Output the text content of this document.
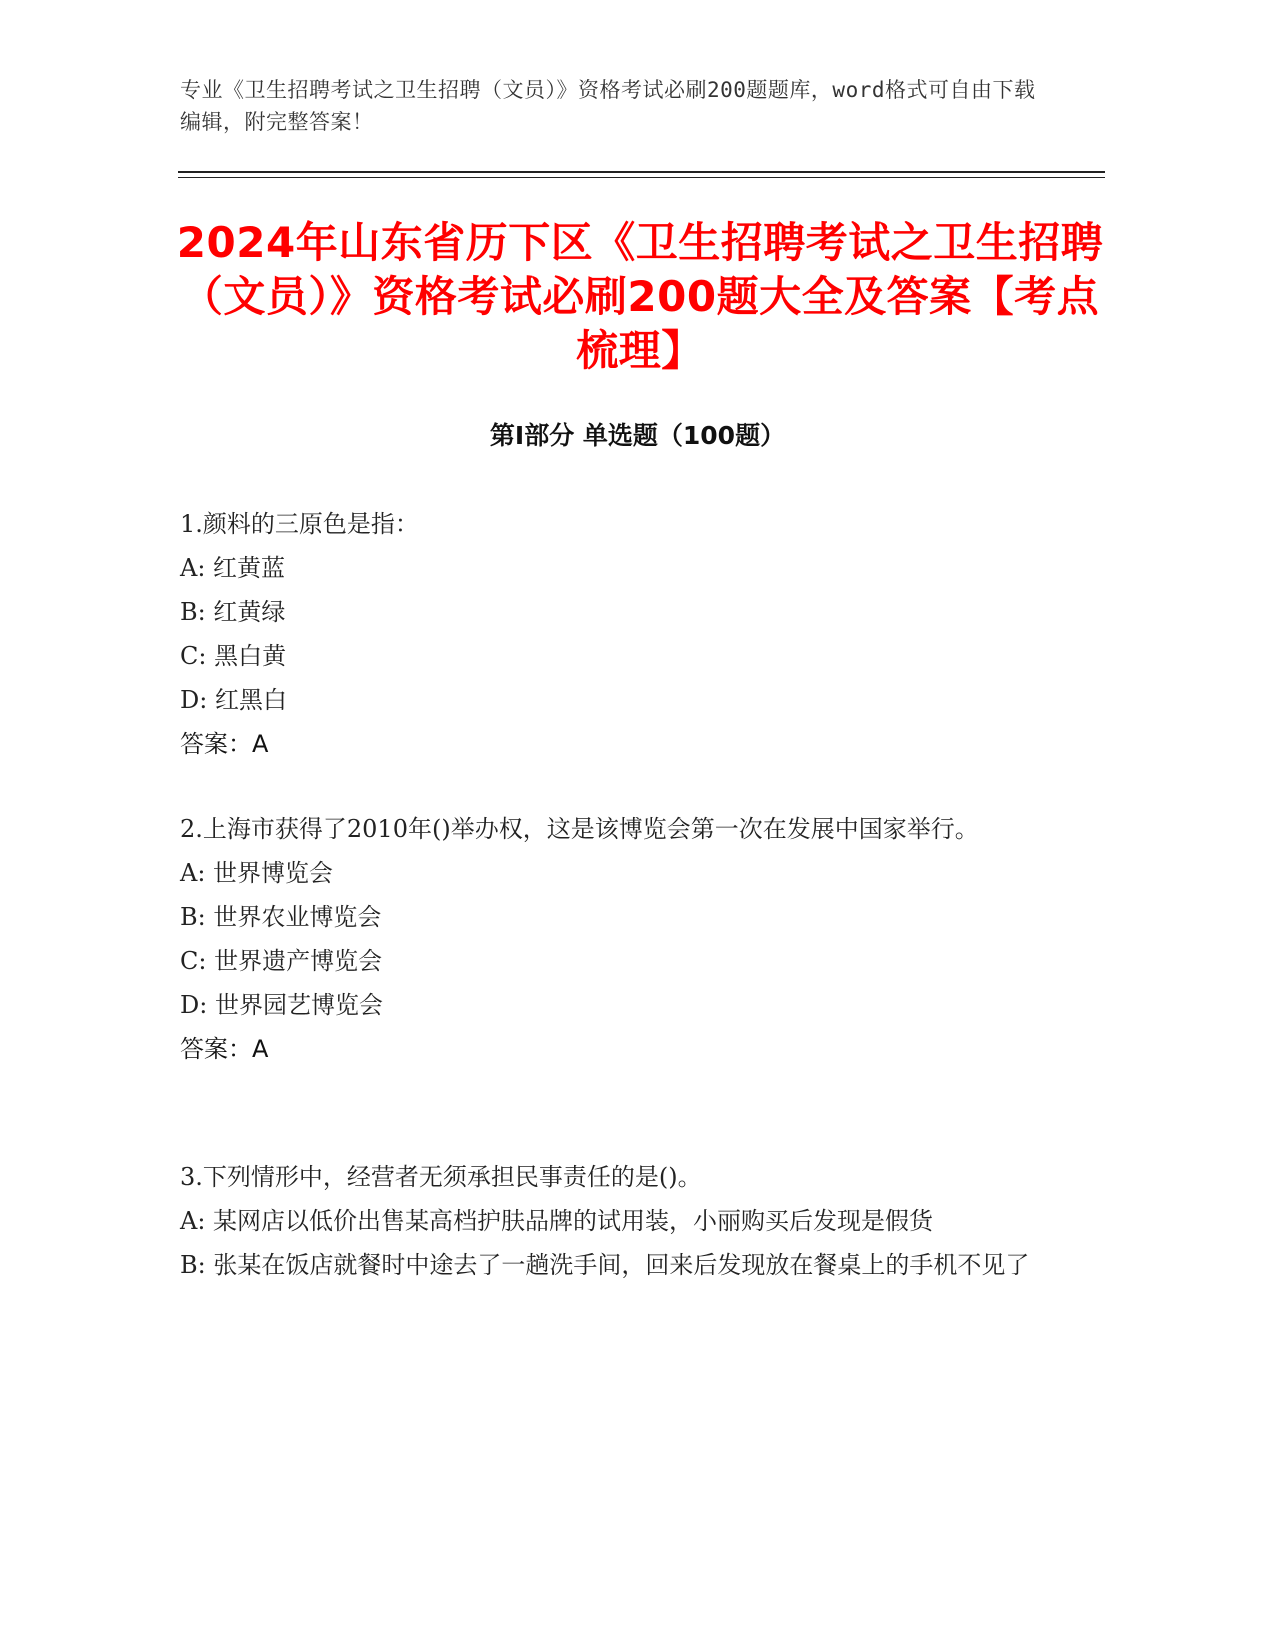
专业《卫生招聘考试之卫生招聘（文员）》资格考试必刷200题题库，word格式可自由下载编辑，附完整答案！
2024年山东省历下区《卫生招聘考试之卫生招聘（文员）》资格考试必刷200题大全及答案【考点梳理】
第Ⅰ部分 单选题（100题）
1.颜料的三原色是指：
A: 红黄蓝
B: 红黄绿
C: 黑白黄
D: 红黑白
答案：A
2.上海市获得了2010年()举办权，这是该博览会第一次在发展中国家举行。
A: 世界博览会
B: 世界农业博览会
C: 世界遗产博览会
D: 世界园艺博览会
答案：A
3.下列情形中，经营者无须承担民事责任的是()。
A: 某网店以低价出售某高档护肤品牌的试用装，小丽购买后发现是假货
B: 张某在饭店就餐时中途去了一趟洗手间，回来后发现放在餐桌上的手机不见了
